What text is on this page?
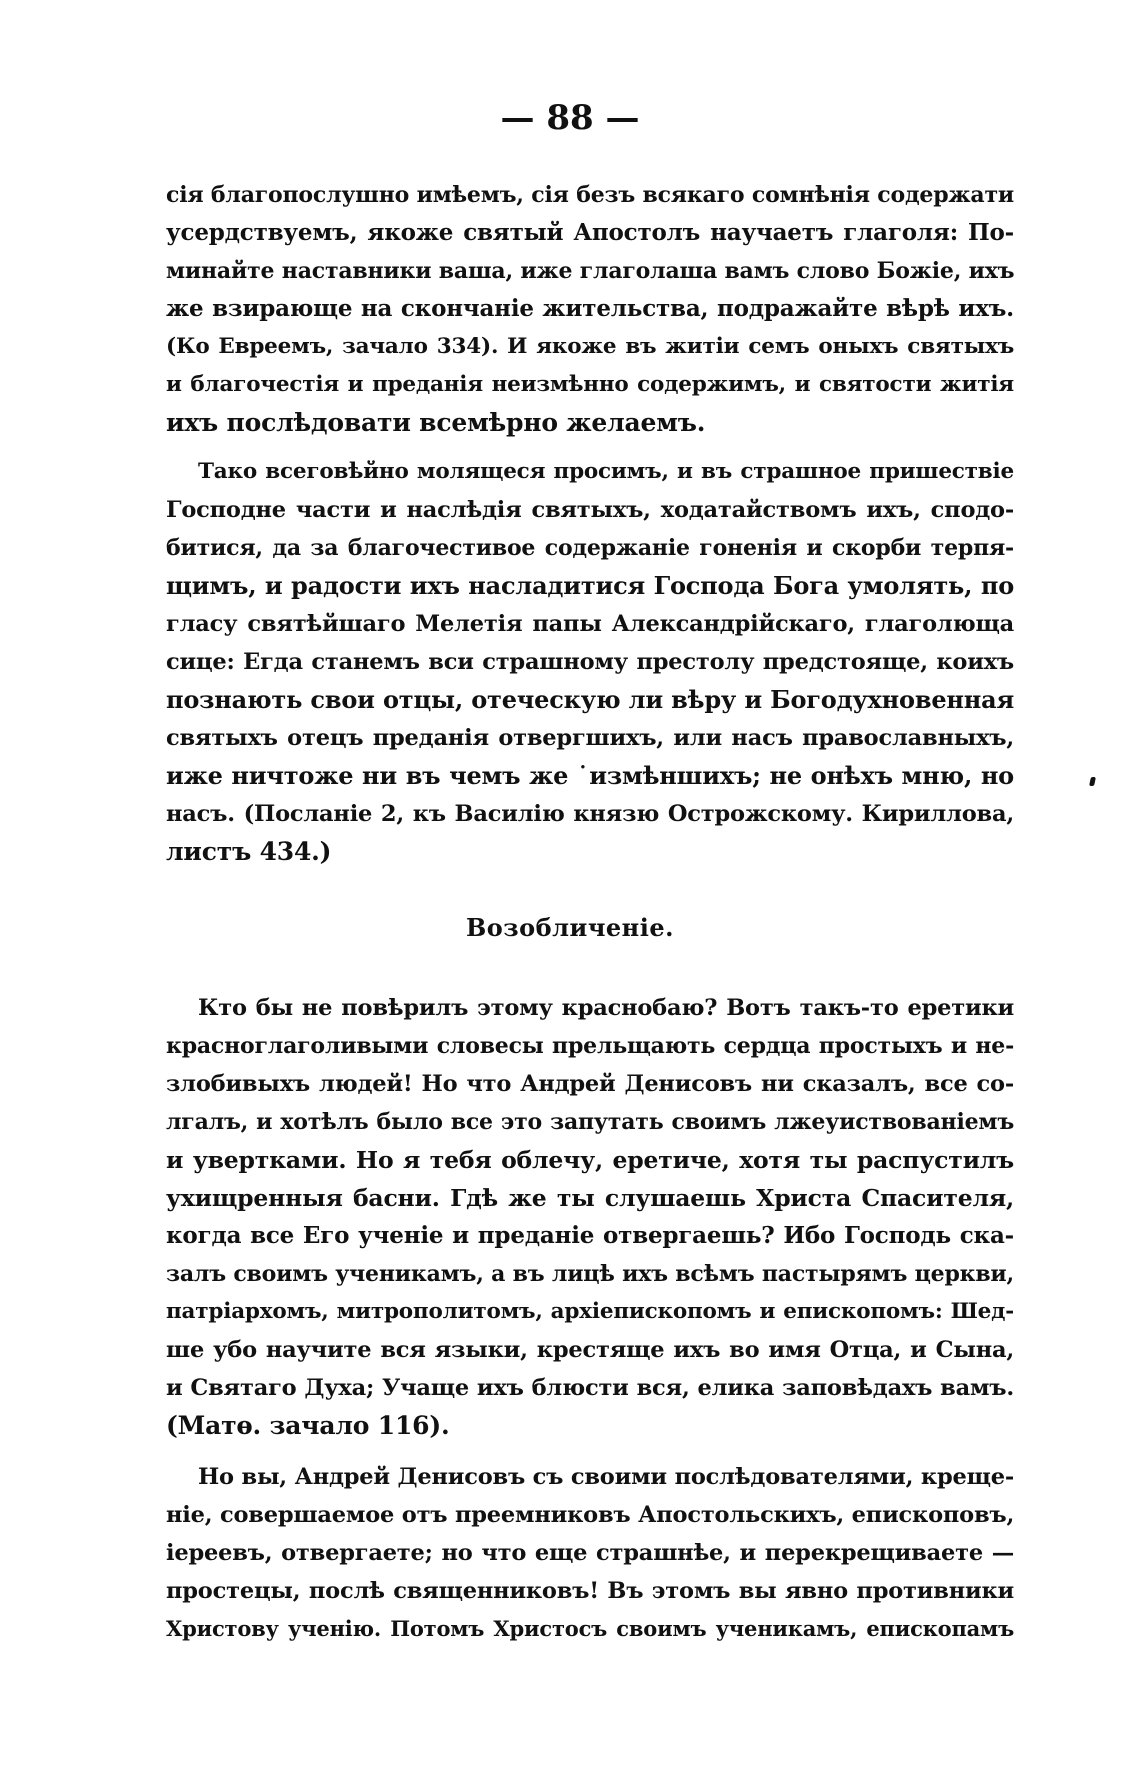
— 88 —
сія благопослушно имѣемъ, сія безъ всякаго сомнѣнія содержати
усердствуемъ, якоже святый Апостолъ научаетъ глаголя: По-
минайте наставники ваша, иже глаголаша вамъ слово Божіе, ихъ
же взирающе на скончаніе жительства, подражайте вѣрѣ ихъ.
(Ко Евреемъ, зачало 334). И якоже въ житіи семъ оныхъ святыхъ
и благочестія и преданія неизмѣнно содержимъ, и святости житія
ихъ послѣдовати всемѣрно желаемъ.
Тако всеговѣйно молящеся просимъ, и въ страшное пришествіе
Господне части и наслѣдія святыхъ, ходатайствомъ ихъ, сподо-
битися, да за благочестивое содержаніе гоненія и скорби терпя-
щимъ, и радости ихъ насладитися Господа Бога умолять, по
гласу святѣйшаго Мелетія папы Александрійскаго, глаголюща
сице: Егда станемъ вси страшному престолу предстояще, коихъ
познають свои отцы, отеческую ли вѣру и Богодухновенная
святыхъ отецъ преданія отвергшихъ, или насъ православныхъ,
иже ничтоже ни въ чемъ же ˙измѣншихъ; не онѣхъ мню, но
насъ. (Посланіе 2, къ Василію князю Острожскому. Кириллова,
листъ 434.)
Возобличеніе.
Кто бы не повѣрилъ этому краснобаю? Вотъ такъ-то еретики
красноглаголивыми словесы прельщають сердца простыхъ и не-
злобивыхъ людей! Но что Андрей Денисовъ ни сказалъ, все со-
лгалъ, и хотѣлъ было все это запутать своимъ лжеуиствованіемъ
и увертками. Но я тебя облечу, еретиче, хотя ты распустилъ
ухищренныя басни. Гдѣ же ты слушаешь Христа Спасителя,
когда все Его ученіе и преданіе отвергаешь? Ибо Господь ска-
залъ своимъ ученикамъ, а въ лицѣ ихъ всѣмъ пастырямъ церкви,
патріархомъ, митрополитомъ, архіепископомъ и епископомъ: Шед-
ше убо научите вся языки, крестяще ихъ во имя Отца, и Сына,
и Святаго Духа; Учаще ихъ блюсти вся, елика заповѣдахъ вамъ.
(Матѳ. зачало 116).
Но вы, Андрей Денисовъ съ своими послѣдователями, креще-
ніе, совершаемое отъ преемниковъ Апостольскихъ, епископовъ,
іереевъ, отвергаете; но что еще страшнѣе, и перекрещиваете —
простецы, послѣ священниковъ! Въ этомъ вы явно противники
Христову ученію. Потомъ Христосъ своимъ ученикамъ, епископамъ
